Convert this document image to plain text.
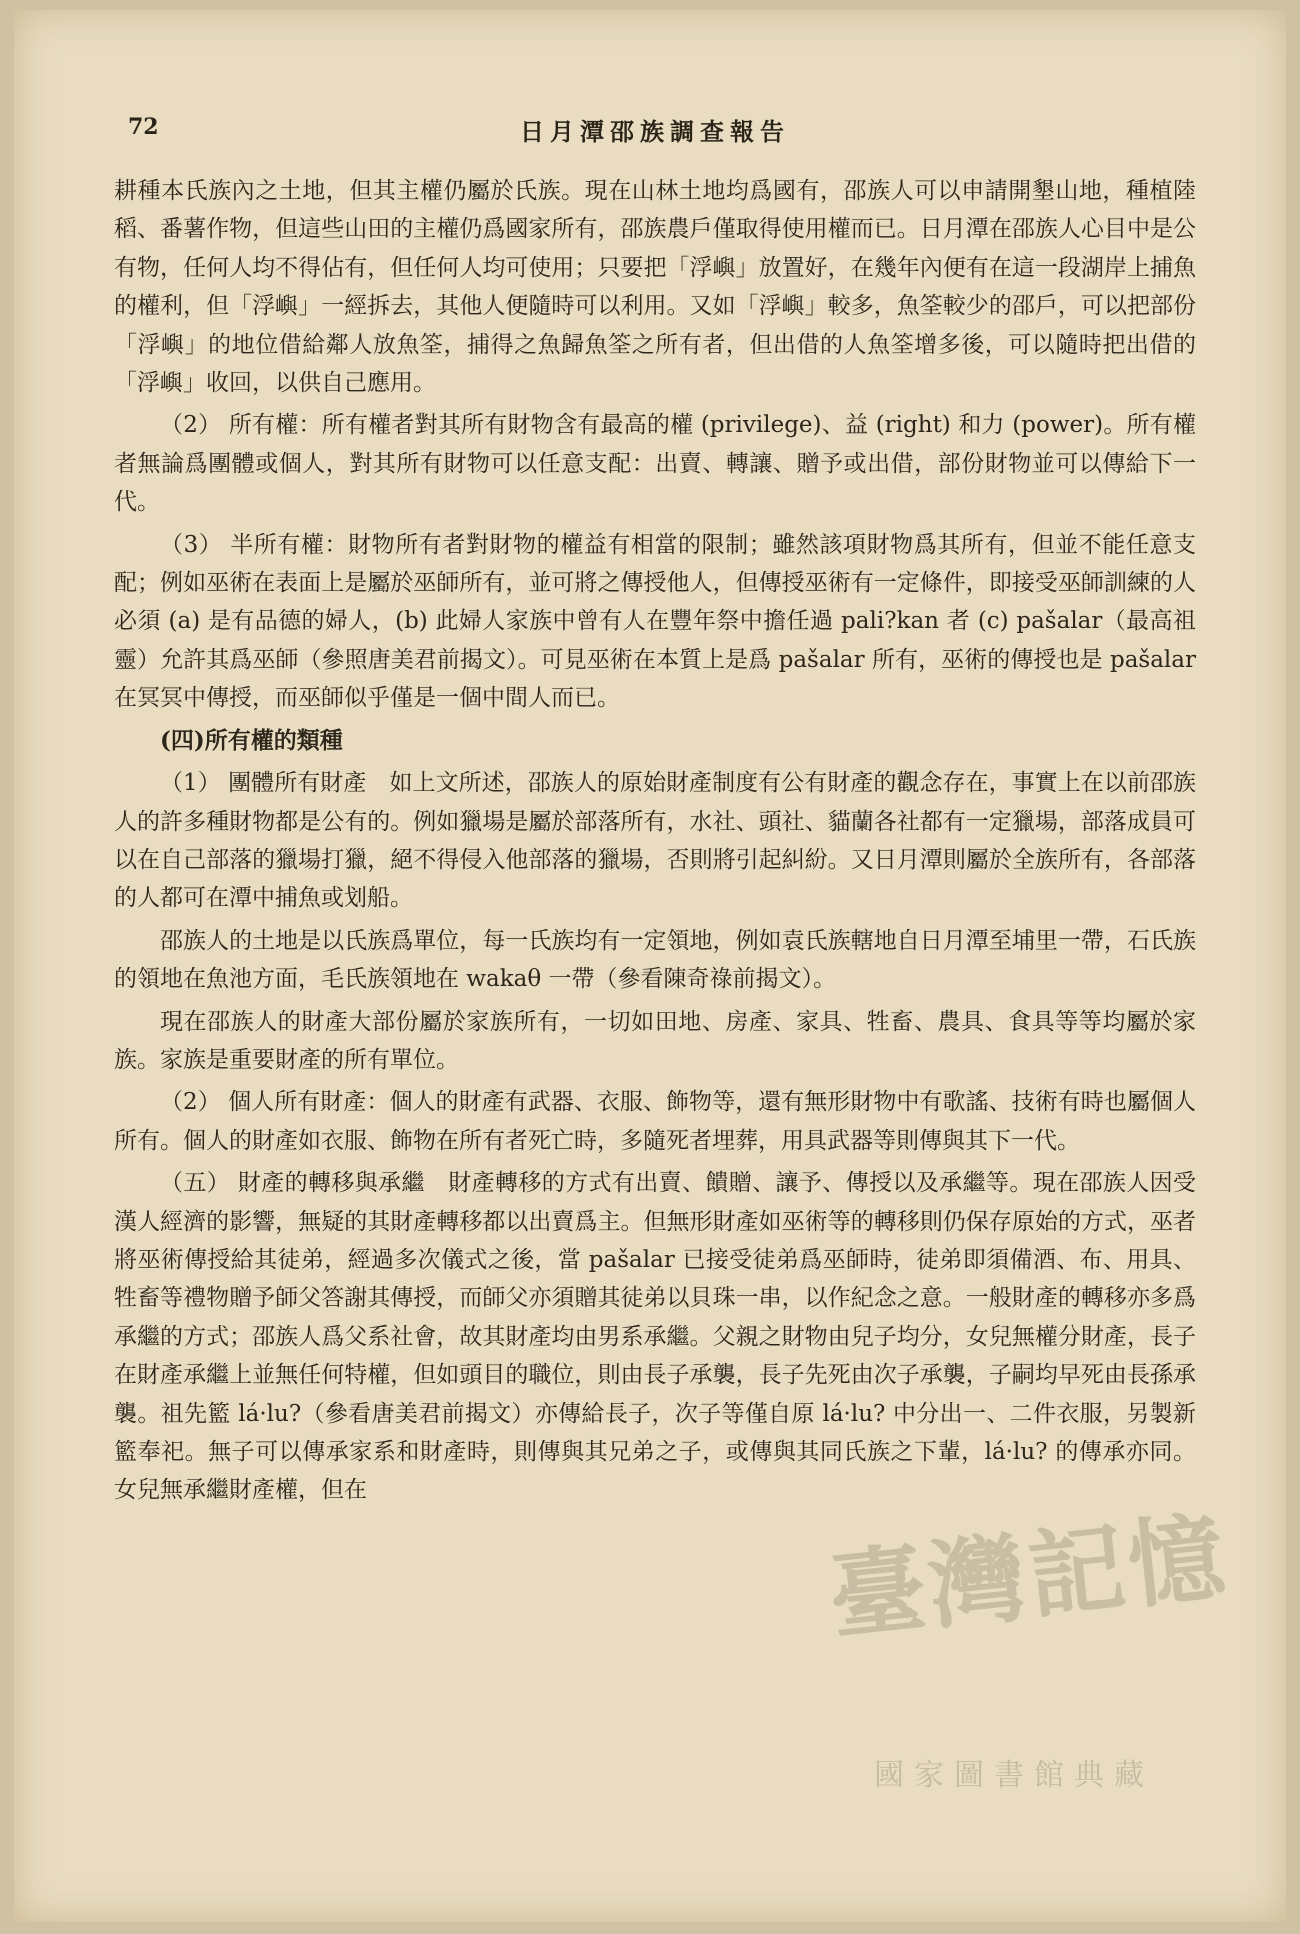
72	日月潭邵族調查報告

耕種本氏族內之土地，但其主權仍屬於氏族。現在山林土地均爲國有，邵族人可以申請開墾山地，種植陸稻、番薯作物，但這些山田的主權仍爲國家所有，邵族農戶僅取得使用權而已。日月潭在邵族人心目中是公有物，任何人均不得佔有，但任何人均可使用；只要把「浮嶼」放置好，在幾年內便有在這一段湖岸上捕魚的權利，但「浮嶼」一經拆去，其他人便隨時可以利用。又如「浮嶼」較多，魚筌較少的邵戶，可以把部份「浮嶼」的地位借給鄰人放魚筌，捕得之魚歸魚筌之所有者，但出借的人魚筌增多後，可以隨時把出借的「浮嶼」收回，以供自己應用。

（2） 所有權：所有權者對其所有財物含有最高的權 (privilege)、益 (right) 和力 (power)。所有權者無論爲團體或個人，對其所有財物可以任意支配：出賣、轉讓、贈予或出借，部份財物並可以傳給下一代。

（3） 半所有權：財物所有者對財物的權益有相當的限制；雖然該項財物爲其所有，但並不能任意支配；例如巫術在表面上是屬於巫師所有，並可將之傳授他人，但傳授巫術有一定條件，即接受巫師訓練的人必須 (a) 是有品德的婦人，(b) 此婦人家族中曾有人在豐年祭中擔任過 pali?kan 者 (c) pašalar（最高祖靈）允許其爲巫師（參照唐美君前揭文）。可見巫術在本質上是爲 pašalar 所有，巫術的傳授也是 pašalar 在冥冥中傳授，而巫師似乎僅是一個中間人而已。

(四)所有權的類種

（1） 團體所有財產　如上文所述，邵族人的原始財產制度有公有財產的觀念存在，事實上在以前邵族人的許多種財物都是公有的。例如獵場是屬於部落所有，水社、頭社、貓蘭各社都有一定獵場，部落成員可以在自己部落的獵場打獵，絕不得侵入他部落的獵場，否則將引起糾紛。又日月潭則屬於全族所有，各部落的人都可在潭中捕魚或划船。

邵族人的土地是以氏族爲單位，每一氏族均有一定領地，例如袁氏族轄地自日月潭至埔里一帶，石氏族的領地在魚池方面，毛氏族領地在 wakaθ 一帶（參看陳奇祿前揭文）。

現在邵族人的財產大部份屬於家族所有，一切如田地、房產、家具、牲畜、農具、食具等等均屬於家族。家族是重要財產的所有單位。

（2） 個人所有財產：個人的財產有武器、衣服、飾物等，還有無形財物中有歌謠、技術有時也屬個人所有。個人的財產如衣服、飾物在所有者死亡時，多隨死者埋葬，用具武器等則傳與其下一代。

（五） 財產的轉移與承繼　財產轉移的方式有出賣、饋贈、讓予、傳授以及承繼等。現在邵族人因受漢人經濟的影響，無疑的其財產轉移都以出賣爲主。但無形財產如巫術等的轉移則仍保存原始的方式，巫者將巫術傳授給其徒弟，經過多次儀式之後，當 pašalar 已接受徒弟爲巫師時，徒弟即須備酒、布、用具、牲畜等禮物贈予師父答謝其傳授，而師父亦須贈其徒弟以貝珠一串，以作紀念之意。一般財產的轉移亦多爲承繼的方式；邵族人爲父系社會，故其財產均由男系承繼。父親之財物由兒子均分，女兒無權分財產，長子在財產承繼上並無任何特權，但如頭目的職位，則由長子承襲，長子先死由次子承襲，子嗣均早死由長孫承襲。祖先籃 lá·lu?（參看唐美君前揭文）亦傳給長子，次子等僅自原 lá·lu? 中分出一、二件衣服，另製新籃奉祀。無子可以傳承家系和財產時，則傳與其兄弟之子，或傳與其同氏族之下輩，lá·lu? 的傳承亦同。女兒無承繼財產權，但在

臺灣記憶
國家圖書館典藏
